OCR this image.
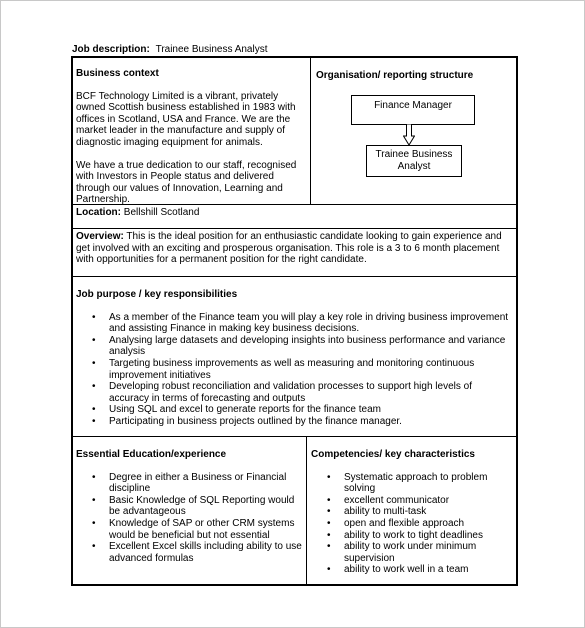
Job description: Trainee Business Analyst

Business context

BCF Technology Limited is a vibrant, privately owned Scottish business established in 1983 with offices in Scotland, USA and France. We are the market leader in the manufacture and supply of diagnostic imaging equipment for animals.

We have a true dedication to our staff, recognised with Investors in People status and delivered through our values of Innovation, Learning and Partnership.

Organisation/ reporting structure

Finance Manager
Trainee Business
Analyst
Location: Bellshill Scotland
Overview: This is the ideal position for an enthusiastic candidate looking to gain experience and get involved with an exciting and prosperous organisation. This role is a 3 to 6 month placement with opportunities for a permanent position for the right candidate.

Job purpose / key responsibilities

• As a member of the Finance team you will play a key role in driving business improvement and assisting Finance in making key business decisions.
• Analysing large datasets and developing insights into business performance and variance analysis
• Targeting business improvements as well as measuring and monitoring continuous improvement initiatives
• Developing robust reconciliation and validation processes to support high levels of accuracy in terms of forecasting and outputs
• Using SQL and excel to generate reports for the finance team
• Participating in business projects outlined by the finance manager.

Essential Education/experience

• Degree in either a Business or Financial discipline
• Basic Knowledge of SQL Reporting would be advantageous
• Knowledge of SAP or other CRM systems would be beneficial but not essential
• Excellent Excel skills including ability to use advanced formulas

Competencies/ key characteristics

• Systematic approach to problem solving
• excellent communicator
• ability to multi-task
• open and flexible approach
• ability to work to tight deadlines
• ability to work under minimum supervision
• ability to work well in a team
